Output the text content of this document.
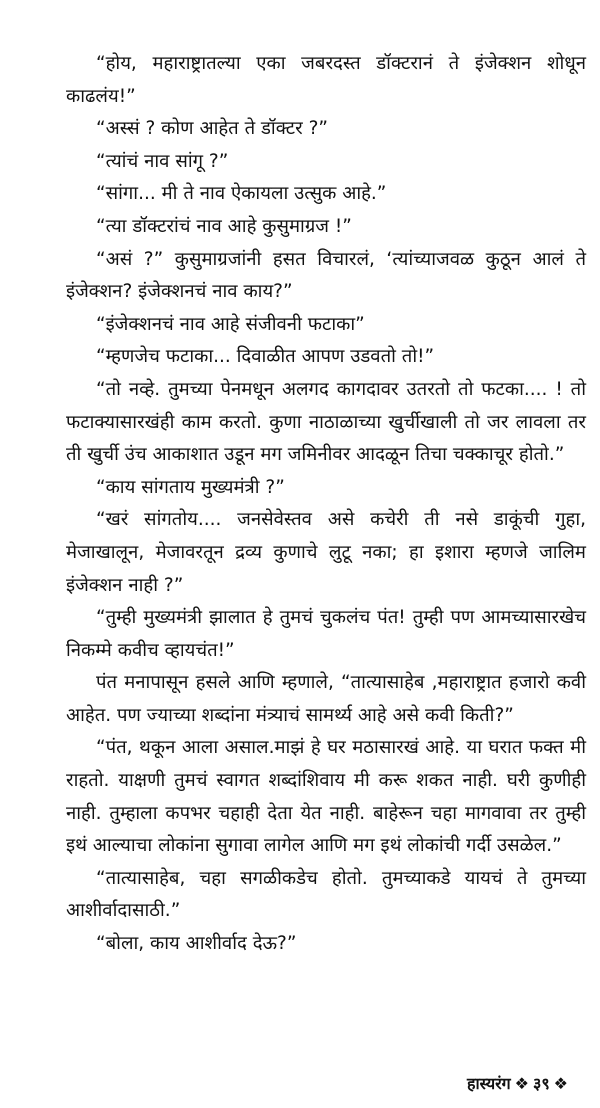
“होय, महाराष्ट्रातल्या एका जबरदस्त डॉक्टरानं ते इंजेक्शन शोधून काढलंय!”

“अस्सं ? कोण आहेत ते डॉक्टर ?”

“त्यांचं नाव सांगू ?”

“सांगा... मी ते नाव ऐकायला उत्सुक आहे.”

“त्या डॉक्टरांचं नाव आहे कुसुमाग्रज !”

“असं ?” कुसुमाग्रजांनी हसत विचारलं, ‘त्यांच्याजवळ कुठून आलं ते इंजेक्शन? इंजेक्शनचं नाव काय?”

“इंजेक्शनचं नाव आहे संजीवनी फटाका”

“म्हणजेच फटाका... दिवाळीत आपण उडवतो तो!”

“तो नव्हे. तुमच्या पेनमधून अलगद कागदावर उतरतो तो फटका.... ! तो फटाक्यासारखंही काम करतो. कुणा नाठाळाच्या खुर्चीखाली तो जर लावला तर ती खुर्ची उंच आकाशात उडून मग जमिनीवर आदळून तिचा चक्काचूर होतो.”

“काय सांगताय मुख्यमंत्री ?”

“खरं सांगतोय.... जनसेवेस्तव असे कचेरी ती नसे डाकूंची गुहा, मेजाखालून, मेजावरतून द्रव्य कुणाचे लुटू नका; हा इशारा म्हणजे जालिम इंजेक्शन नाही ?”

“तुम्ही मुख्यमंत्री झालात हे तुमचं चुकलंच पंत! तुम्ही पण आमच्यासारखेच निकम्मे कवीच व्हायचंत!”

पंत मनापासून हसले आणि म्हणाले, “तात्यासाहेब ,महाराष्ट्रात हजारो कवी आहेत. पण ज्याच्या शब्दांना मंत्र्याचं सामर्थ्य आहे असे कवी किती?”

“पंत, थकून आला असाल.माझं हे घर मठासारखं आहे. या घरात फक्त मी राहतो. याक्षणी तुमचं स्वागत शब्दांशिवाय मी करू शकत नाही. घरी कुणीही नाही. तुम्हाला कपभर चहाही देता येत नाही. बाहेरून चहा मागवावा तर तुम्ही इथं आल्याचा लोकांना सुगावा लागेल आणि मग इथं लोकांची गर्दी उसळेल.”

“तात्यासाहेब, चहा सगळीकडेच होतो. तुमच्याकडे यायचं ते तुमच्या आशीर्वादासाठी.”

“बोला, काय आशीर्वाद देऊ?”

हास्यरंग ❖ ३९ ❖
